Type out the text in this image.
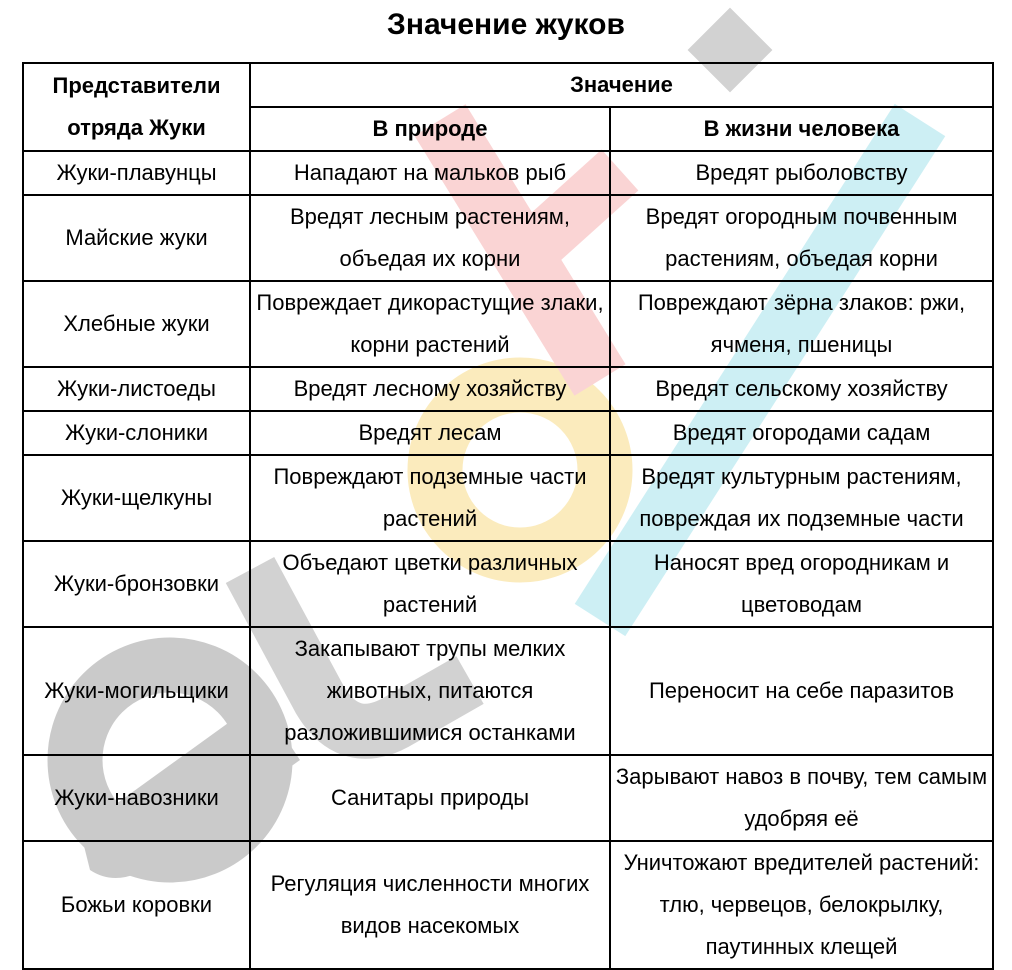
Значение жуков
Представители отряда Жуки	Значение	
	В природе	В жизни человека
Жуки-плавунцы	Нападают на мальков рыб	Вредят рыболовству
Майские жуки	Вредят лесным растениям, объедая их корни	Вредят огородным почвенным растениям, объедая корни
Хлебные жуки	Повреждает дикорастущие злаки, корни растений	Повреждают зёрна злаков: ржи, ячменя, пшеницы
Жуки-листоеды	Вредят лесному хозяйству	Вредят сельскому хозяйству
Жуки-слоники	Вредят лесам	Вредят огородами садам
Жуки-щелкуны	Повреждают подземные части растений	Вредят культурным растениям, повреждая их подземные части
Жуки-бронзовки	Объедают цветки различных растений	Наносят вред огородникам и цветоводам
Жуки-могильщики	Закапывают трупы мелких животных, питаются разложившимися останками	Переносит на себе паразитов
Жуки-навозники	Санитары природы	Зарывают навоз в почву, тем самым удобряя её
Божьи коровки	Регуляция численности многих видов насекомых	Уничтожают вредителей растений: тлю, червецов, белокрылку, паутинных клещей
